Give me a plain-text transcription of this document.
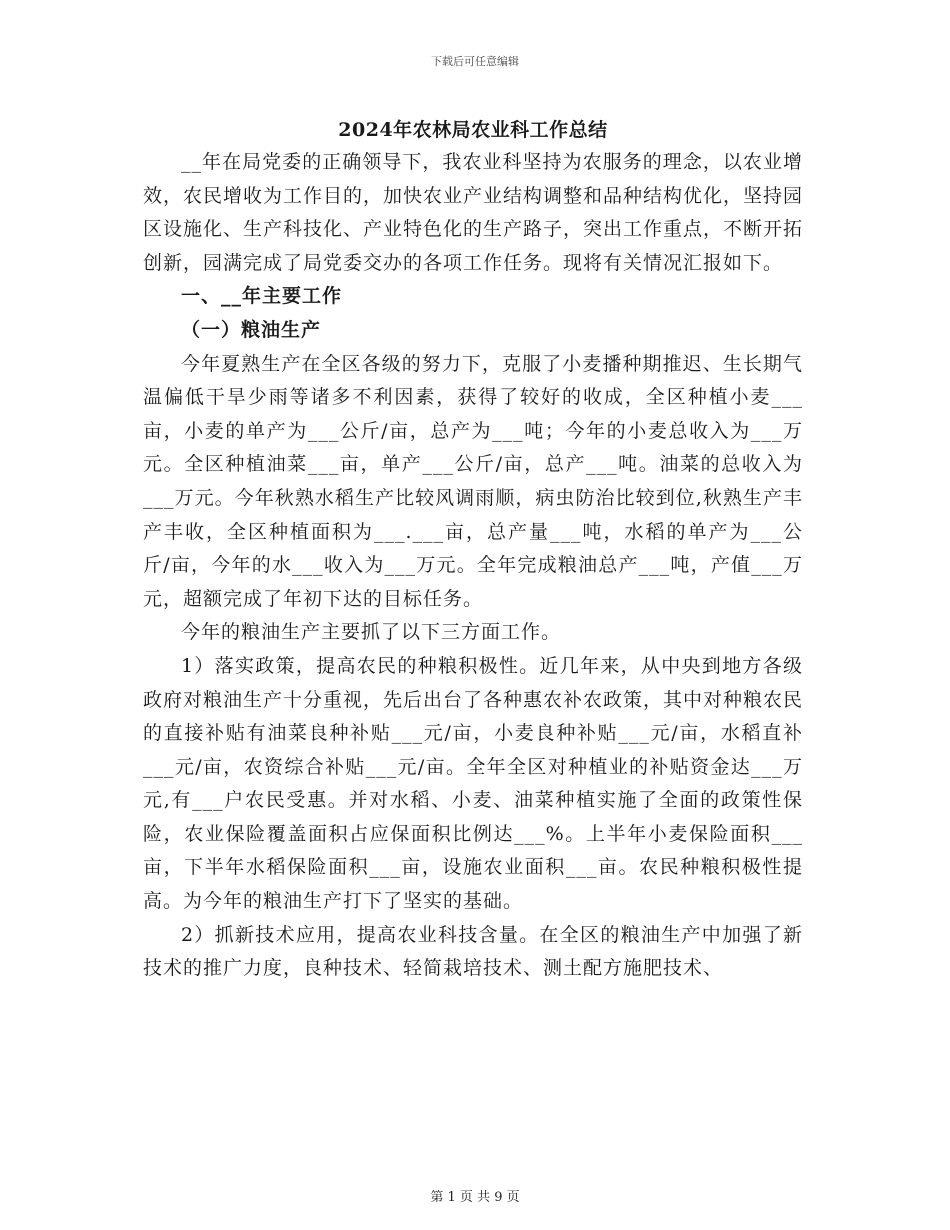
下载后可任意编辑
2024年农林局农业科工作总结

__年在局党委的正确领导下，我农业科坚持为农服务的理念，以农业增效，农民增收为工作目的，加快农业产业结构调整和品种结构优化，坚持园区设施化、生产科技化、产业特色化的生产路子，突出工作重点，不断开拓创新，园满完成了局党委交办的各项工作任务。现将有关情况汇报如下。

一、__年主要工作

（一）粮油生产

今年夏熟生产在全区各级的努力下，克服了小麦播种期推迟、生长期气温偏低干旱少雨等诸多不利因素，获得了较好的收成，全区种植小麦___亩，小麦的单产为___公斤/亩，总产为___吨；今年的小麦总收入为___万元。全区种植油菜___亩，单产___公斤/亩，总产___吨。油菜的总收入为___万元。今年秋熟水稻生产比较风调雨顺，病虫防治比较到位,秋熟生产丰产丰收，全区种植面积为___.___亩，总产量___吨，水稻的单产为___公斤/亩，今年的水___收入为___万元。全年完成粮油总产___吨，产值___万元，超额完成了年初下达的目标任务。

今年的粮油生产主要抓了以下三方面工作。

1）落实政策，提高农民的种粮积极性。近几年来，从中央到地方各级政府对粮油生产十分重视，先后出台了各种惠农补农政策，其中对种粮农民的直接补贴有油菜良种补贴___元/亩，小麦良种补贴___元/亩，水稻直补___元/亩，农资综合补贴___元/亩。全年全区对种植业的补贴资金达___万元,有___户农民受惠。并对水稻、小麦、油菜种植实施了全面的政策性保险，农业保险覆盖面积占应保面积比例达___%。上半年小麦保险面积___亩，下半年水稻保险面积___亩，设施农业面积___亩。农民种粮积极性提高。为今年的粮油生产打下了坚实的基础。

2）抓新技术应用，提高农业科技含量。在全区的粮油生产中加强了新技术的推广力度，良种技术、轻简栽培技术、测土配方施肥技术、

第 1 页 共 9 页
